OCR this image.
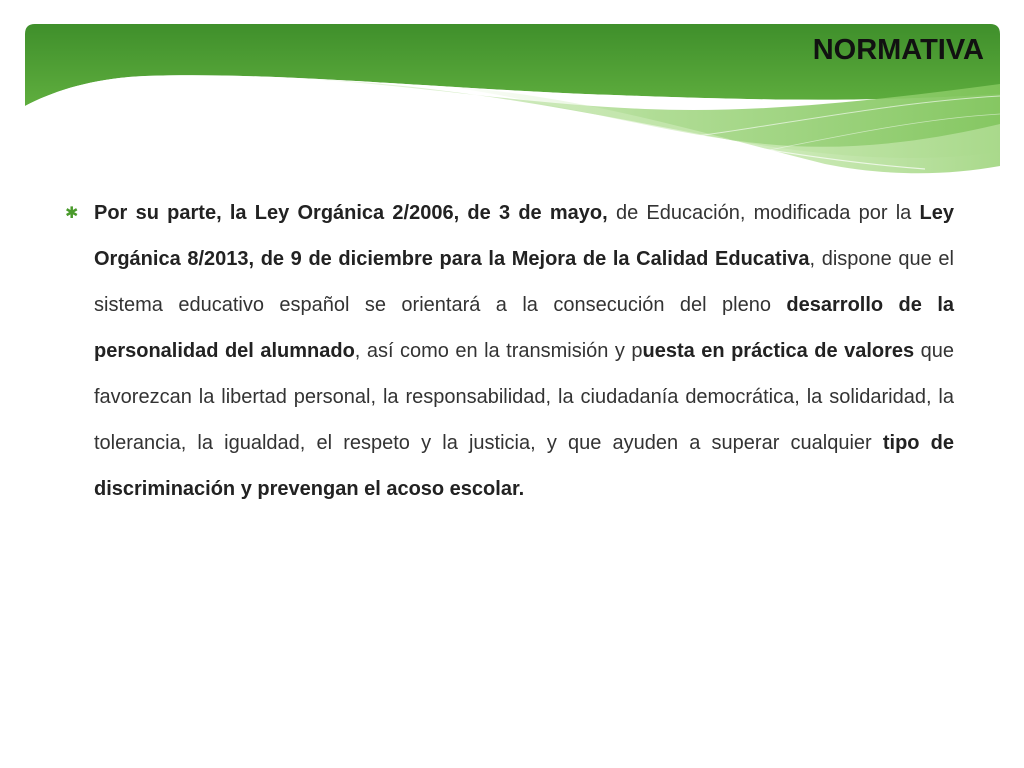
NORMATIVA
✱ Por su parte, la Ley Orgánica 2/2006, de 3 de mayo, de Educación, modificada por la Ley Orgánica 8/2013, de 9 de diciembre para la Mejora de la Calidad Educativa, dispone que el sistema educativo español se orientará a la consecución del pleno desarrollo de la personalidad del alumnado, así como en la transmisión y puesta en práctica de valores que favorezcan la libertad personal, la responsabilidad, la ciudadanía democrática, la solidaridad, la tolerancia, la igualdad, el respeto y la justicia, y que ayuden a superar cualquier tipo de discriminación y prevengan el acoso escolar.
